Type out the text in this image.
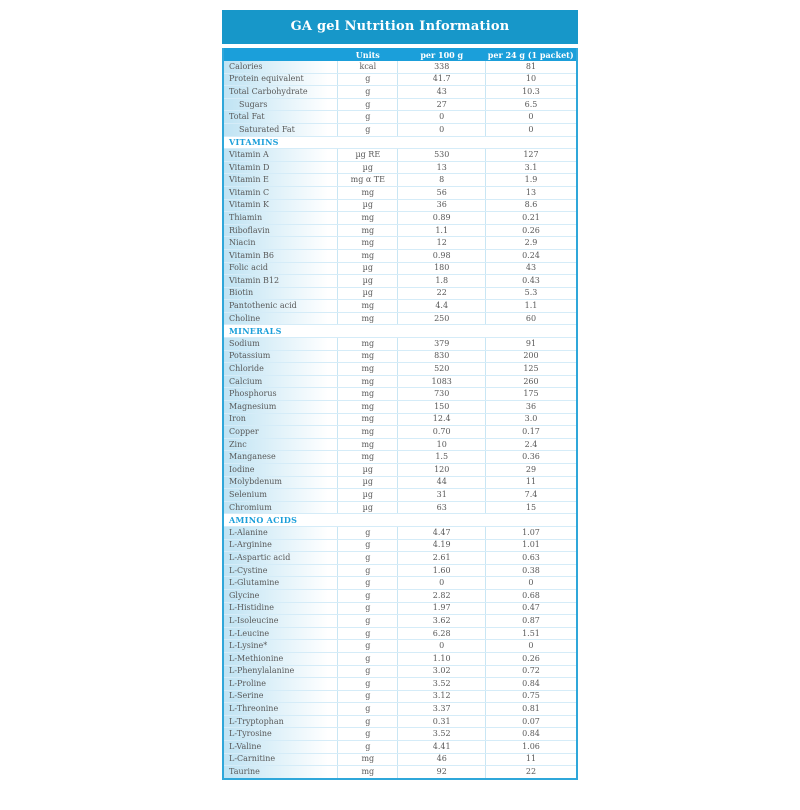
GA gel Nutrition Information
	Units	per 100 g	per 24 g (1 packet)
Calories	kcal	338	81
Protein equivalent	g	41.7	10
Total Carbohydrate	g	43	10.3
Sugars	g	27	6.5
Total Fat	g	0	0
Saturated Fat	g	0	0
VITAMINS			
Vitamin A	µg RE	530	127
Vitamin D	µg	13	3.1
Vitamin E	mg α TE	8	1.9
Vitamin C	mg	56	13
Vitamin K	µg	36	8.6
Thiamin	mg	0.89	0.21
Riboflavin	mg	1.1	0.26
Niacin	mg	12	2.9
Vitamin B6	mg	0.98	0.24
Folic acid	µg	180	43
Vitamin B12	µg	1.8	0.43
Biotin	µg	22	5.3
Pantothenic acid	mg	4.4	1.1
Choline	mg	250	60
MINERALS			
Sodium	mg	379	91
Potassium	mg	830	200
Chloride	mg	520	125
Calcium	mg	1083	260
Phosphorus	mg	730	175
Magnesium	mg	150	36
Iron	mg	12.4	3.0
Copper	mg	0.70	0.17
Zinc	mg	10	2.4
Manganese	mg	1.5	0.36
Iodine	µg	120	29
Molybdenum	µg	44	11
Selenium	µg	31	7.4
Chromium	µg	63	15
AMINO ACIDS			
L-Alanine	g	4.47	1.07
L-Arginine	g	4.19	1.01
L-Aspartic acid	g	2.61	0.63
L-Cystine	g	1.60	0.38
L-Glutamine	g	0	0
Glycine	g	2.82	0.68
L-Histidine	g	1.97	0.47
L-Isoleucine	g	3.62	0.87
L-Leucine	g	6.28	1.51
L-Lysine*	g	0	0
L-Methionine	g	1.10	0.26
L-Phenylalanine	g	3.02	0.72
L-Proline	g	3.52	0.84
L-Serine	g	3.12	0.75
L-Threonine	g	3.37	0.81
L-Tryptophan	g	0.31	0.07
L-Tyrosine	g	3.52	0.84
L-Valine	g	4.41	1.06
L-Carnitine	mg	46	11
Taurine	mg	92	22
